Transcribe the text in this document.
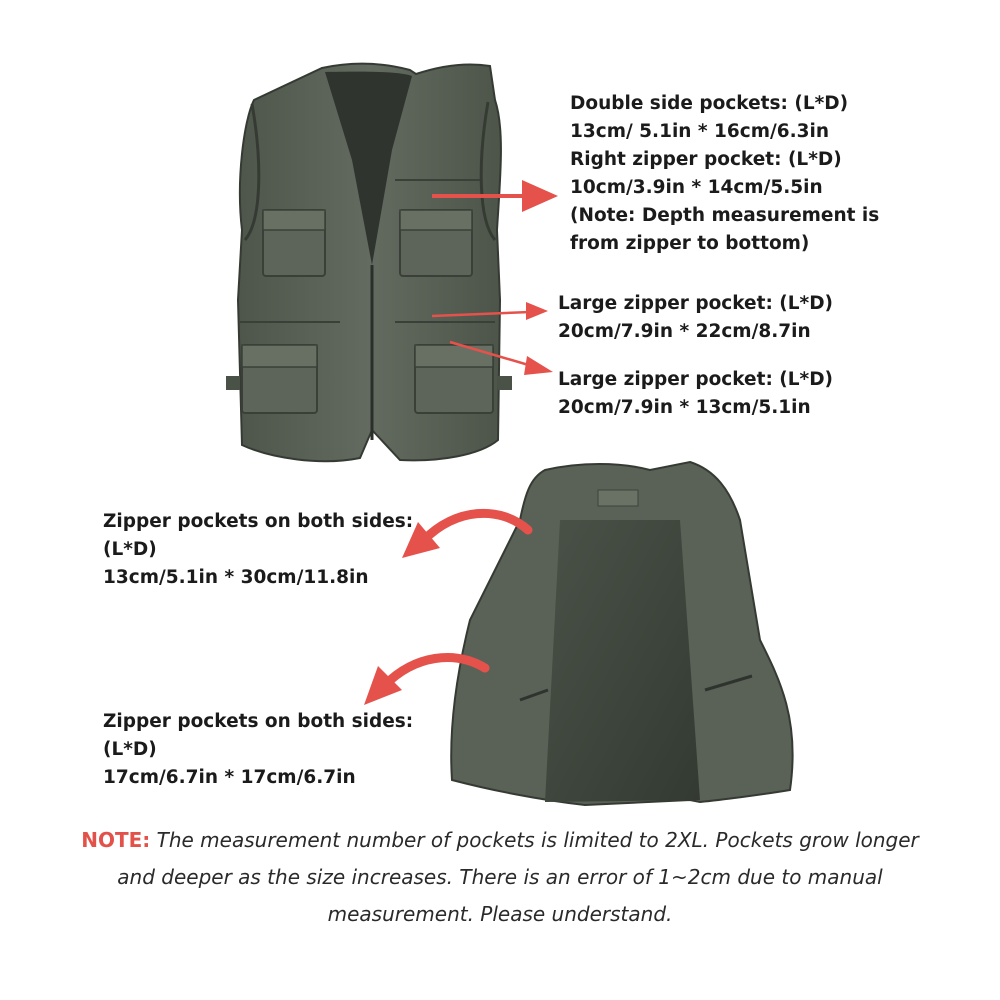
Double side pockets: (L*D)
13cm/ 5.1in * 16cm/6.3in
Right zipper pocket: (L*D)
10cm/3.9in * 14cm/5.5in
(Note: Depth measurement is
from zipper to bottom)
Large zipper pocket: (L*D)
20cm/7.9in * 22cm/8.7in
Large zipper pocket: (L*D)
20cm/7.9in * 13cm/5.1in
Zipper pockets on both sides:
(L*D)
13cm/5.1in * 30cm/11.8in
Zipper pockets on both sides:
(L*D)
17cm/6.7in * 17cm/6.7in
NOTE: The measurement number of pockets is limited to 2XL. Pockets grow longer and deeper as the size increases. There is an error of 1~2cm due to manual measurement. Please understand.
